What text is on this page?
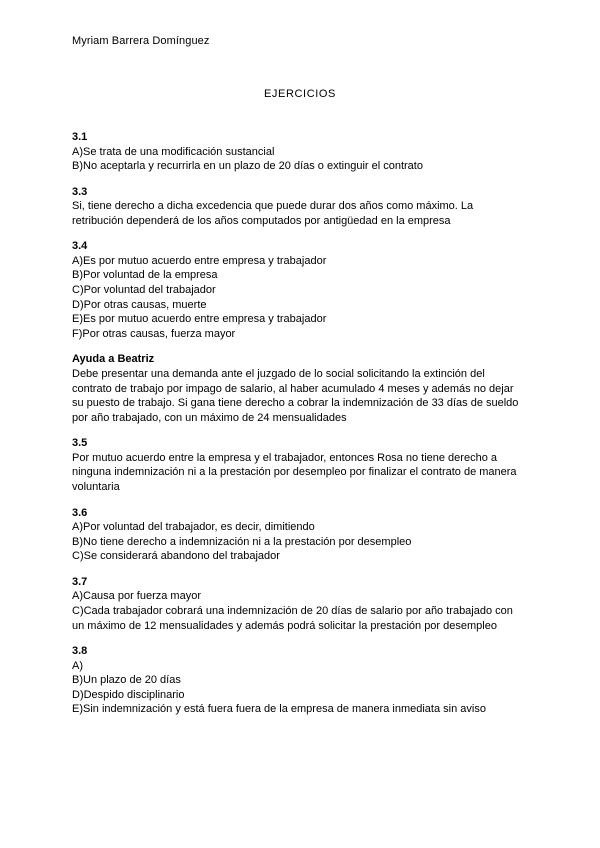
Myriam Barrera Domínguez
EJERCICIOS
3.1
A)Se trata de una modificación sustancial
B)No aceptarla y recurrirla en un plazo de 20 días o extinguir el contrato
3.3
Si, tiene derecho a dicha excedencia que puede durar dos años como máximo. La
retribución dependerá de los años computados por antigüedad en la empresa
3.4
A)Es por mutuo acuerdo entre empresa y trabajador
B)Por voluntad de la empresa
C)Por voluntad del trabajador
D)Por otras causas, muerte
E)Es por mutuo acuerdo entre empresa y trabajador
F)Por otras causas, fuerza mayor
Ayuda a Beatriz
Debe presentar una demanda ante el juzgado de lo social solicitando la extinción del
contrato de trabajo por impago de salario, al haber acumulado 4 meses y además no dejar
su puesto de trabajo. Si gana tiene derecho a cobrar la indemnización de 33 días de sueldo
por año trabajado, con un máximo de 24 mensualidades
3.5
Por mutuo acuerdo entre la empresa y el trabajador, entonces Rosa no tiene derecho a
ninguna indemnización ni a la prestación por desempleo por finalizar el contrato de manera
voluntaria
3.6
A)Por voluntad del trabajador, es decir, dimitiendo
B)No tiene derecho a indemnización ni a la prestación por desempleo
C)Se considerará abandono del trabajador
3.7
A)Causa por fuerza mayor
C)Cada trabajador cobrará una indemnización de 20 días de salario por año trabajado con
un máximo de 12 mensualidades y además podrá solicitar la prestación por desempleo
3.8
A)
B)Un plazo de 20 días
D)Despido disciplinario
E)Sin indemnización y está fuera fuera de la empresa de manera inmediata sin aviso
